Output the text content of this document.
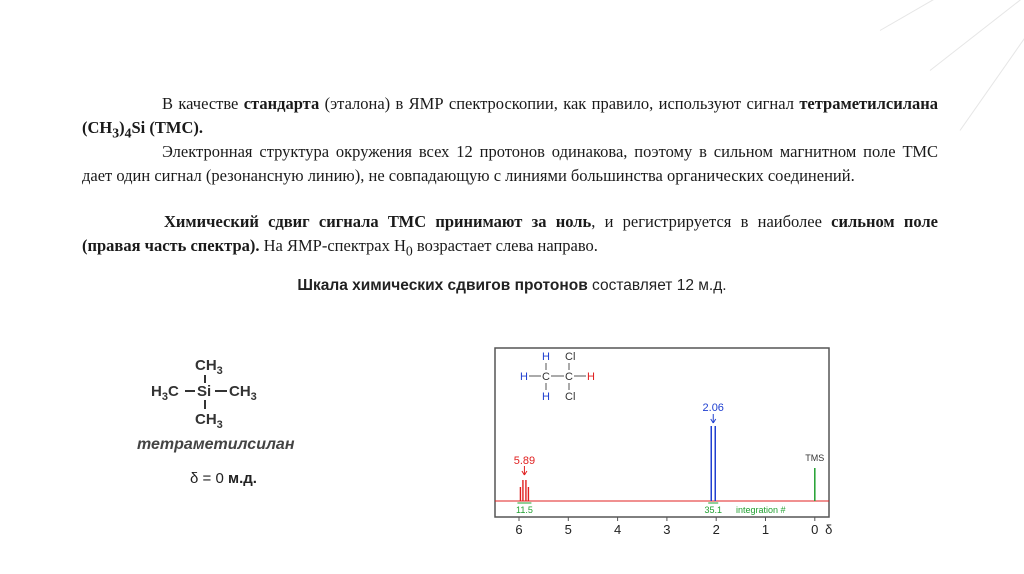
В качестве стандарта (эталона) в ЯМР спектроскопии, как правило, используют сигнал тетраметилсилана $(CH_3)_4Si$ (TMC).
Электронная структура окружения всех 12 протонов одинакова, поэтому в сильном магнитном поле ТМС дает один сигнал (резонансную линию), не совпадающую с линиями большинства органических соединений.
Химический сдвиг сигнала ТМС принимают за ноль, и регистрируется в наиболее сильном поле (правая часть спектра). На ЯМР-спектрах $H_0$ возрастает слева направо.
Шкала химических сдвигов протонов составляет 12 м.д.
$CH_3$
$H_3C$ Si $CH_3$
$CH_3$
тетраметилсилан
δ = 0 м.д.
H Cl
H C C H
H Cl
integration #
5.89
2.06
TMS
11.5	35.1
6	5	4	3	2	1	0 δ
